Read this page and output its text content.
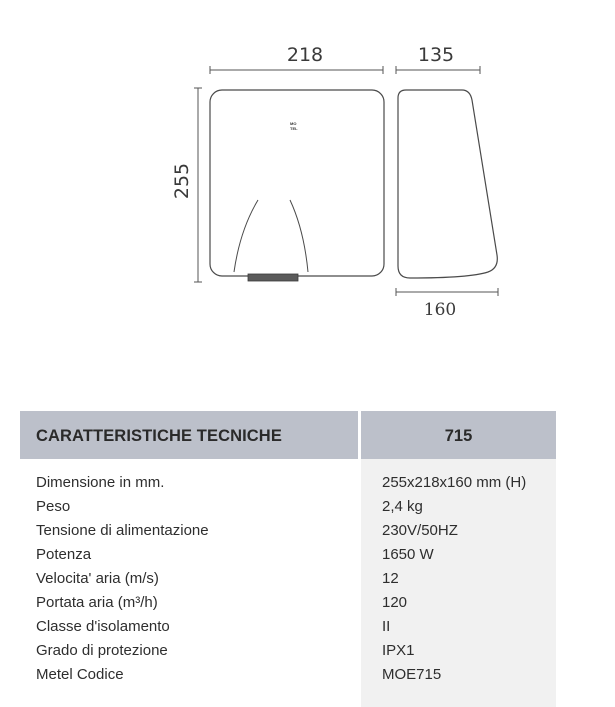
218	135
255
MO
TEL
160
CARATTERISTICHE TECNICHE	715
Dimensione in mm.	255x218x160 mm (H)
Peso	2,4 kg
Tensione di alimentazione	230V/50HZ
Potenza	1650 W
Velocita' aria (m/s)	12
Portata aria (m³/h)	120
Classe d'isolamento	II
Grado di protezione	IPX1
Metel Codice	MOE715
